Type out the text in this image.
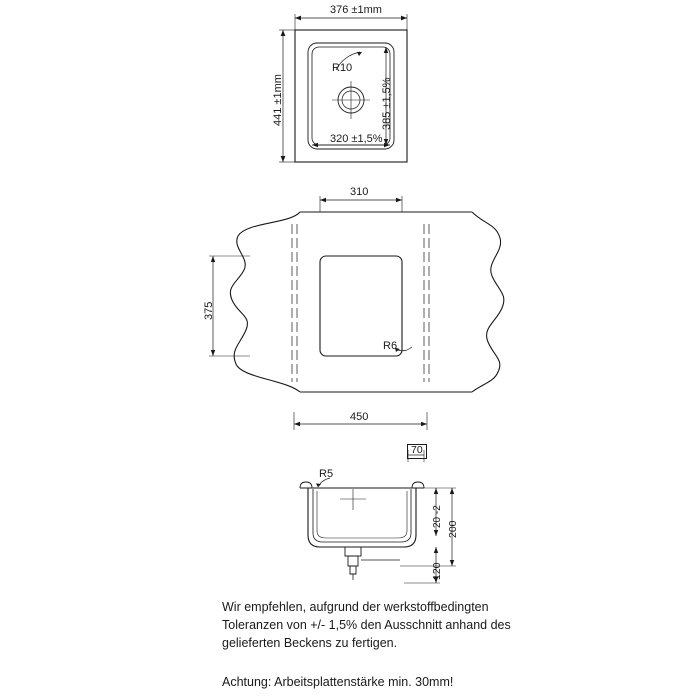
376 ±1mm
441 ±1mm
R10
320 ±1,5%
385 ±1,5%
310
375
450
R6
R5
70
200
20 -2
120
Wir empfehlen, aufgrund der werkstoffbedingten Toleranzen von +/- 1,5% den Ausschnitt anhand des gelieferten Beckens zu fertigen.
Achtung: Arbeitsplattenstärke min. 30mm!
